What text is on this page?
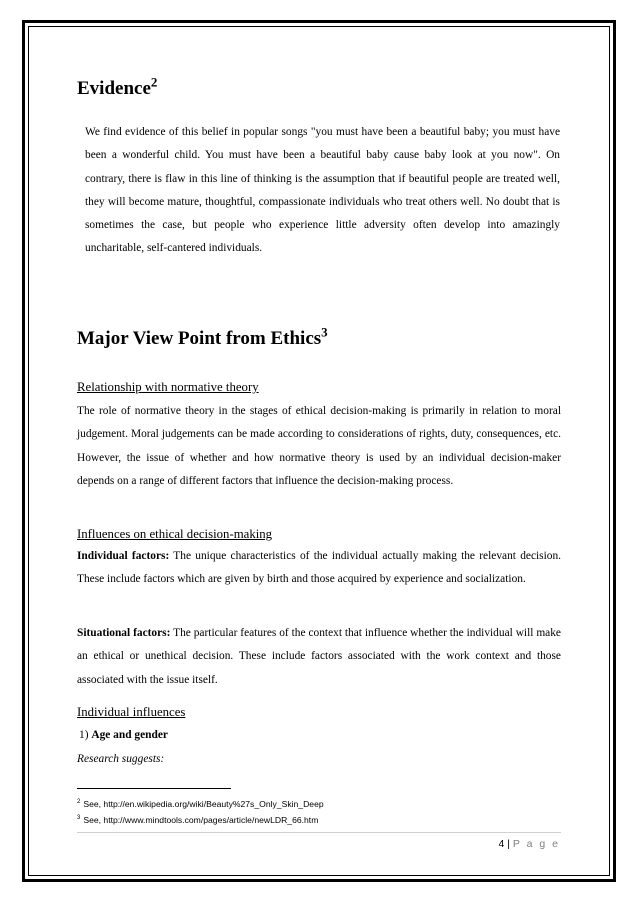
Evidence$^2$

We find evidence of this belief in popular songs "you must have been a beautiful baby; you must have been a wonderful child. You must have been a beautiful baby cause baby look at you now". On contrary, there is flaw in this line of thinking is the assumption that if beautiful people are treated well, they will become mature, thoughtful, compassionate individuals who treat others well. No doubt that is sometimes the case, but people who experience little adversity often develop into amazingly uncharitable, self-cantered individuals.

Major View Point from Ethics$^3$

Relationship with normative theory

The role of normative theory in the stages of ethical decision-making is primarily in relation to moral judgement. Moral judgements can be made according to considerations of rights, duty, consequences, etc. However, the issue of whether and how normative theory is used by an individual decision-maker depends on a range of different factors that influence the decision-making process.

Influences on ethical decision-making

Individual factors: The unique characteristics of the individual actually making the relevant decision. These include factors which are given by birth and those acquired by experience and socialization.

Situational factors: The particular features of the context that influence whether the individual will make an ethical or unethical decision. These include factors associated with the work context and those associated with the issue itself.

Individual influences

1) Age and gender

Research suggests:

$^2$ See, http://en.wikipedia.org/wiki/Beauty%27s_Only_Skin_Deep

$^3$ See, http://www.mindtools.com/pages/article/newLDR_66.htm

4 | P a g e
